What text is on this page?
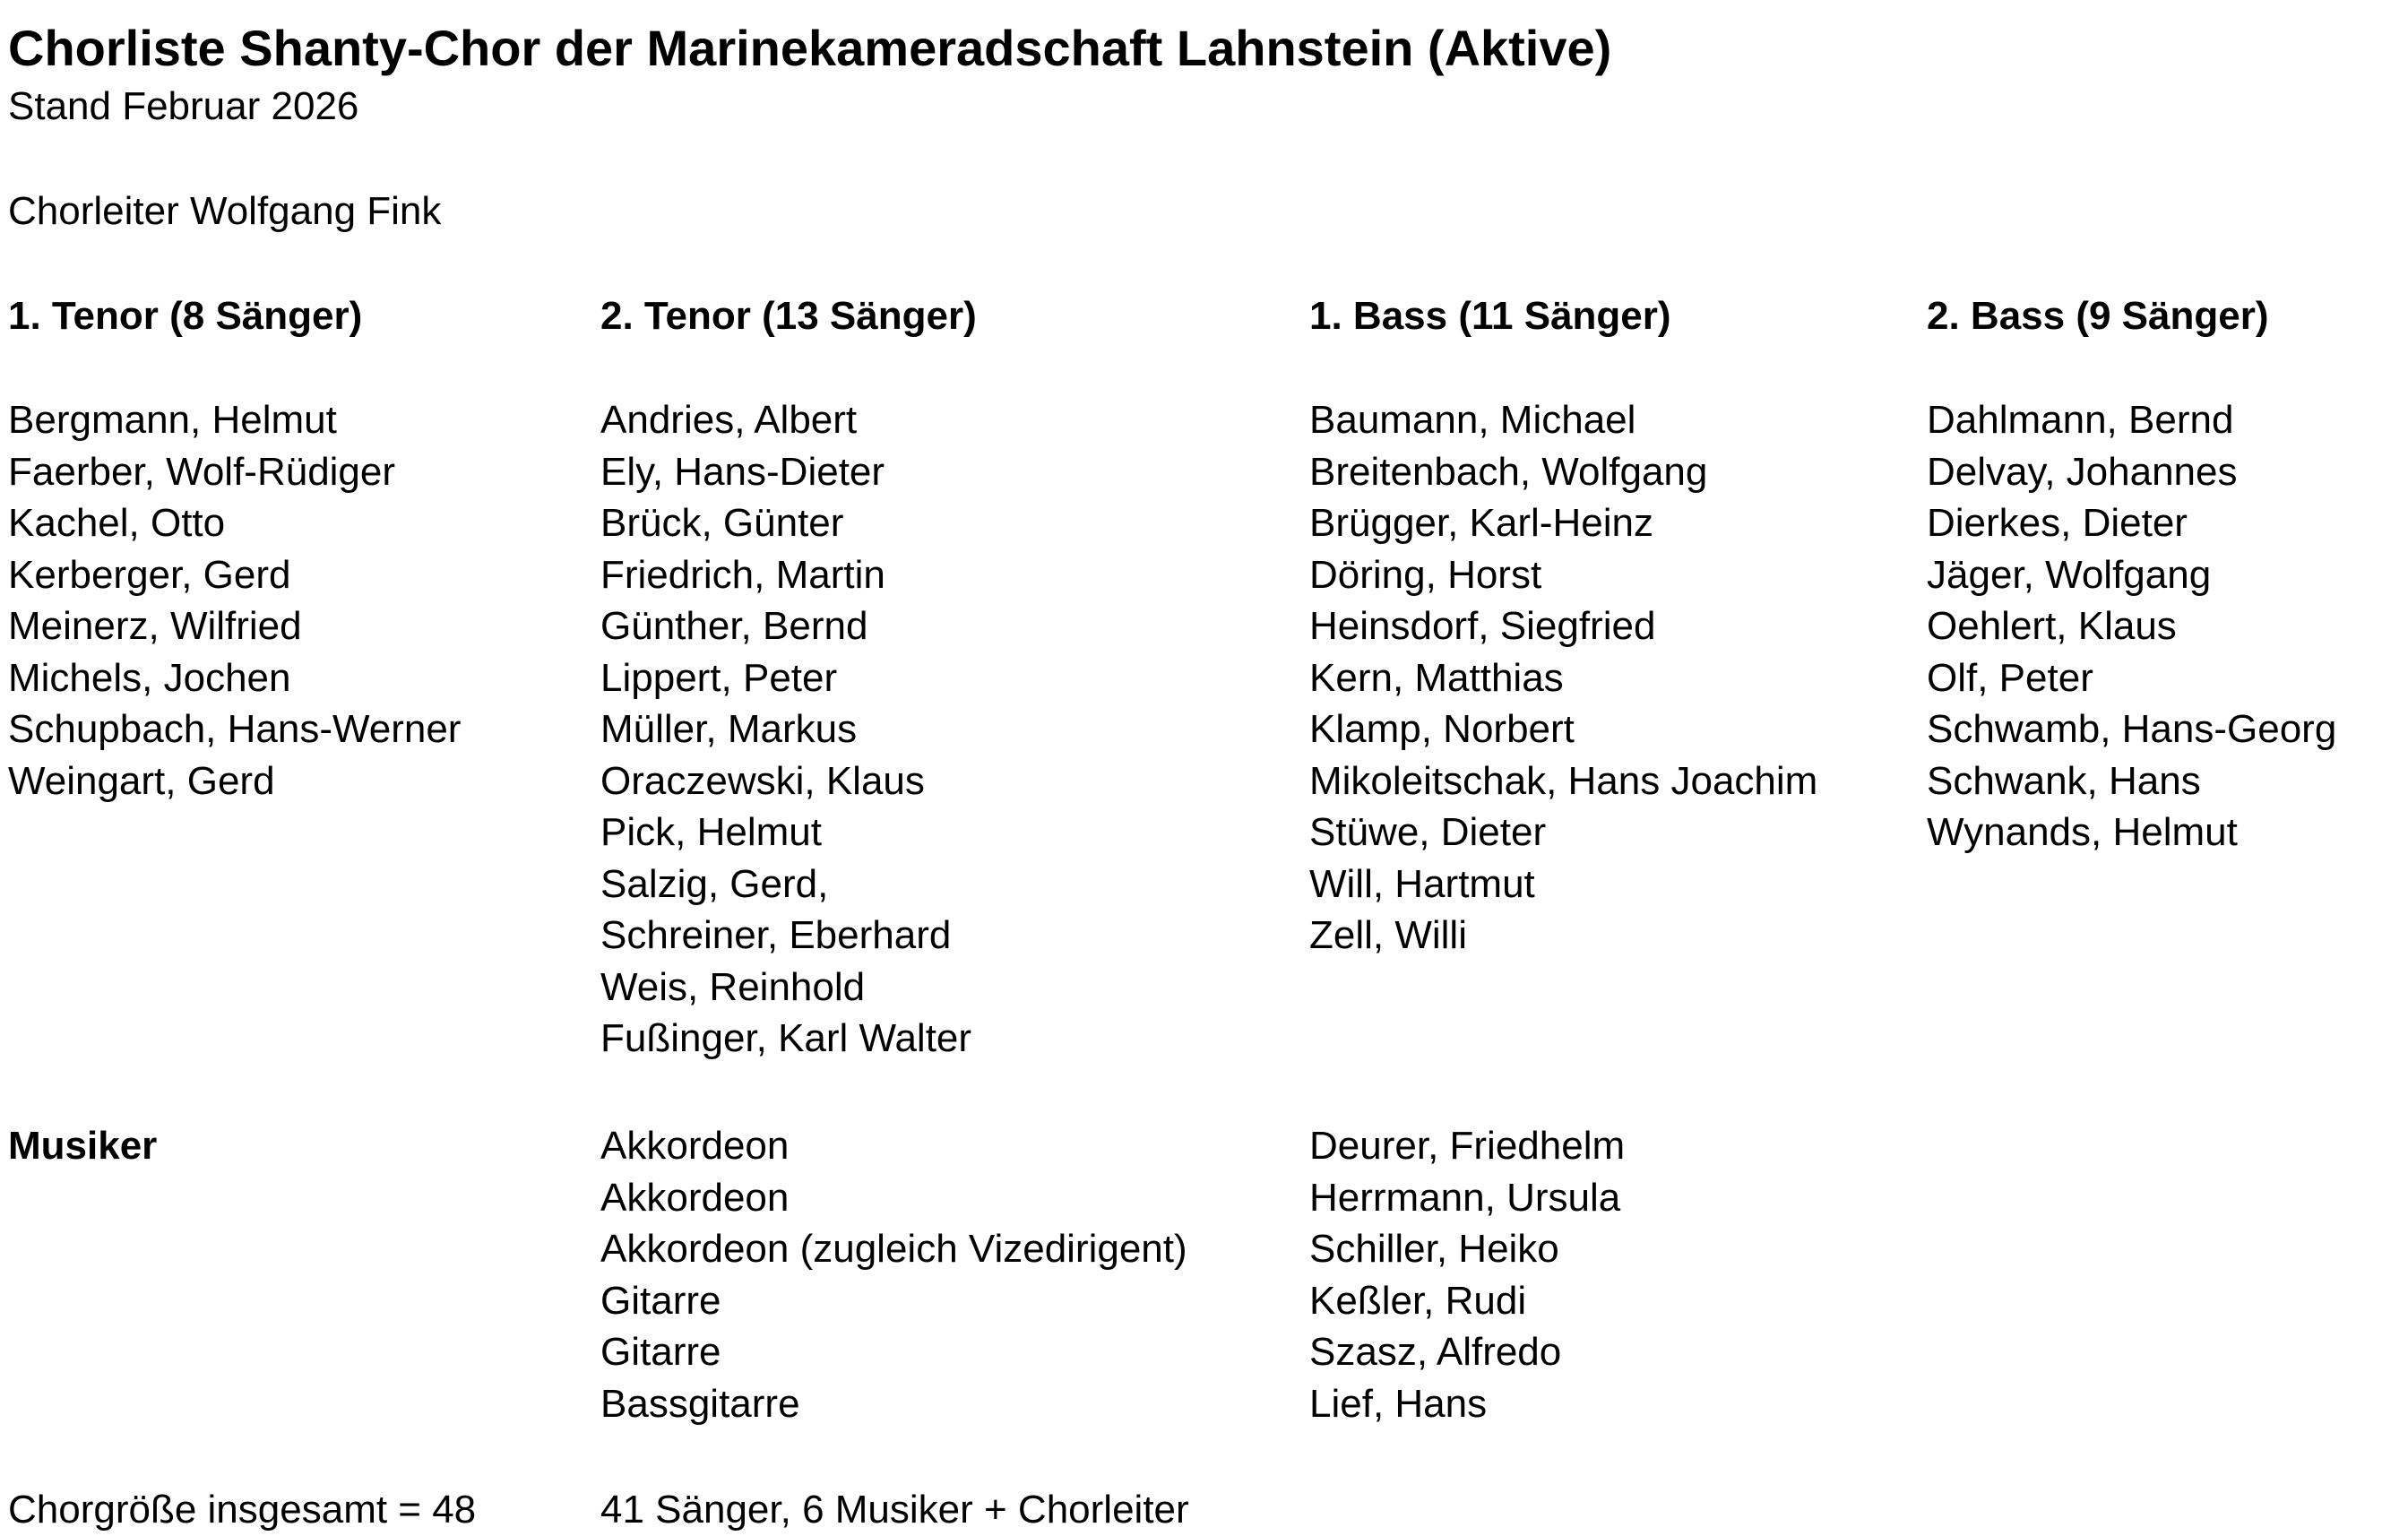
Chorliste Shanty-Chor der Marinekameradschaft Lahnstein (Aktive)
Stand Februar 2026
Chorleiter Wolfgang Fink
1. Tenor (8 Sänger)
Bergmann, Helmut
Faerber, Wolf-Rüdiger
Kachel, Otto
Kerberger, Gerd
Meinerz, Wilfried
Michels, Jochen
Schupbach, Hans-Werner
Weingart, Gerd
2. Tenor (13 Sänger)
Andries, Albert
Ely, Hans-Dieter
Brück, Günter
Friedrich, Martin
Günther, Bernd
Lippert, Peter
Müller, Markus
Oraczewski, Klaus
Pick, Helmut
Salzig, Gerd,
Schreiner, Eberhard
Weis, Reinhold
Fußinger, Karl Walter
1. Bass (11 Sänger)
Baumann, Michael
Breitenbach, Wolfgang
Brügger, Karl-Heinz
Döring, Horst
Heinsdorf, Siegfried
Kern, Matthias
Klamp, Norbert
Mikoleitschak, Hans Joachim
Stüwe, Dieter
Will, Hartmut
Zell, Willi
2. Bass (9 Sänger)
Dahlmann, Bernd
Delvay, Johannes
Dierkes, Dieter
Jäger, Wolfgang
Oehlert, Klaus
Olf, Peter
Schwamb, Hans-Georg
Schwank, Hans
Wynands, Helmut
Musiker	Akkordeon
Akkordeon
Akkordeon (zugleich Vizedirigent)
Gitarre
Gitarre
Bassgitarre
Deurer, Friedhelm
Herrmann, Ursula
Schiller, Heiko
Keßler, Rudi
Szasz, Alfredo
Lief, Hans
Chorgröße insgesamt = 48	41 Sänger, 6 Musiker + Chorleiter
